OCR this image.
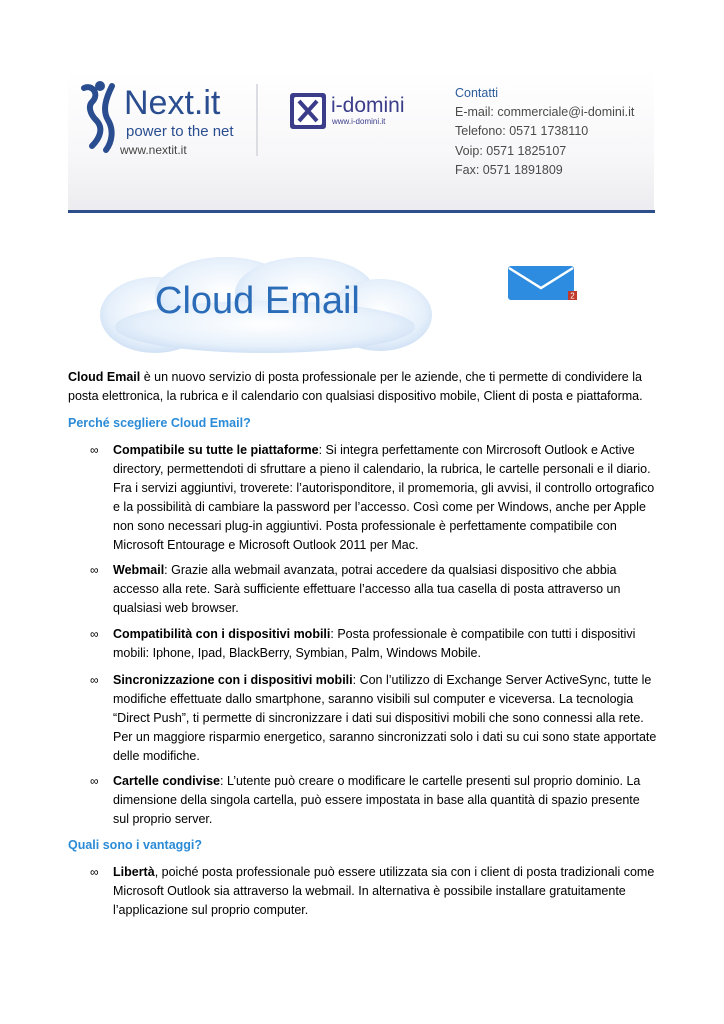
Next.it
power to the net
www.nextit.it
i-domini
www.i-domini.it
Contatti
E-mail: commerciale@i-domini.it
Telefono: 0571 1738110
Voip: 0571 1825107
Fax: 0571 1891809
Cloud Email	2
Cloud Email è un nuovo servizio di posta professionale per le aziende, che ti permette di condividere la posta elettronica, la rubrica e il calendario con qualsiasi dispositivo mobile, Client di posta e piattaforma.
Perché scegliere Cloud Email?
∞ Compatibile su tutte le piattaforme: Si integra perfettamente con Mircrosoft Outlook e Active directory, permettendoti di sfruttare a pieno il calendario, la rubrica, le cartelle personali e il diario. Fra i servizi aggiuntivi, troverete: l’autorisponditore, il promemoria, gli avvisi, il controllo ortografico e la possibilità di cambiare la password per l’accesso. Così come per Windows, anche per Apple non sono necessari plug-in aggiuntivi. Posta professionale è perfettamente compatibile con Microsoft Entourage e Microsoft Outlook 2011 per Mac.
∞ Webmail: Grazie alla webmail avanzata, potrai accedere da qualsiasi dispositivo che abbia accesso alla rete. Sarà sufficiente effettuare l’accesso alla tua casella di posta attraverso un qualsiasi web browser.
∞ Compatibilità con i dispositivi mobili: Posta professionale è compatibile con tutti i dispositivi mobili: Iphone, Ipad, BlackBerry, Symbian, Palm, Windows Mobile.
∞ Sincronizzazione con i dispositivi mobili: Con l’utilizzo di Exchange Server ActiveSync, tutte le modifiche effettuate dallo smartphone, saranno visibili sul computer e viceversa. La tecnologia “Direct Push”, ti permette di sincronizzare i dati sui dispositivi mobili che sono connessi alla rete. Per un maggiore risparmio energetico, saranno sincronizzati solo i dati su cui sono state apportate delle modifiche.
∞ Cartelle condivise: L’utente può creare o modificare le cartelle presenti sul proprio dominio. La dimensione della singola cartella, può essere impostata in base alla quantità di spazio presente sul proprio server.
Quali sono i vantaggi?
∞ Libertà, poiché posta professionale può essere utilizzata sia con i client di posta tradizionali come Microsoft Outlook sia attraverso la webmail. In alternativa è possibile installare gratuitamente l’applicazione sul proprio computer.
